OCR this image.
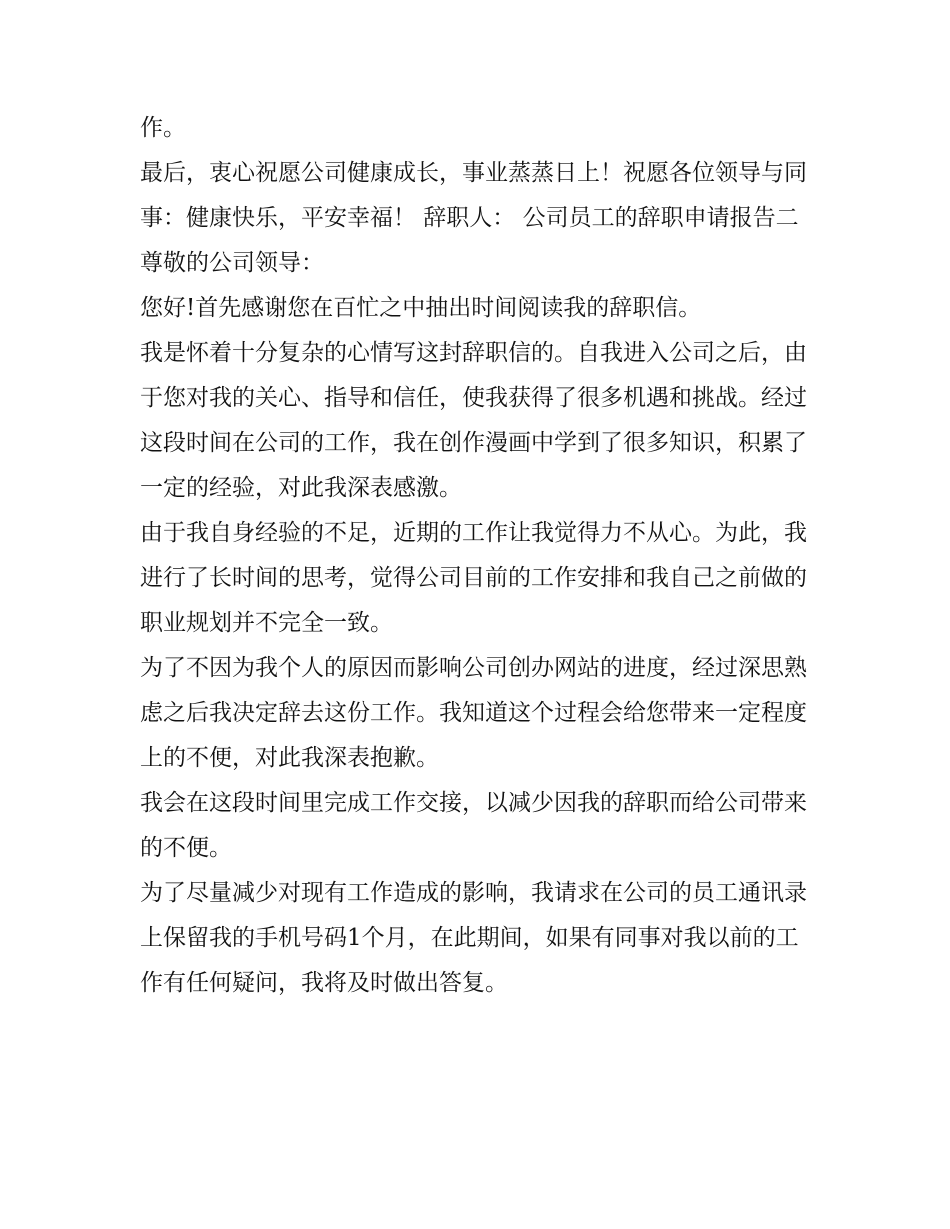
作。

最后，衷心祝愿公司健康成长，事业蒸蒸日上！祝愿各位领导与同事：健康快乐，平安幸福！ 辞职人： 公司员工的辞职申请报告二 尊敬的公司领导：

您好!首先感谢您在百忙之中抽出时间阅读我的辞职信。

我是怀着十分复杂的心情写这封辞职信的。自我进入公司之后，由于您对我的关心、指导和信任，使我获得了很多机遇和挑战。经过这段时间在公司的工作，我在创作漫画中学到了很多知识，积累了一定的经验，对此我深表感激。

由于我自身经验的不足，近期的工作让我觉得力不从心。为此，我进行了长时间的思考，觉得公司目前的工作安排和我自己之前做的职业规划并不完全一致。

为了不因为我个人的原因而影响公司创办网站的进度，经过深思熟虑之后我决定辞去这份工作。我知道这个过程会给您带来一定程度上的不便，对此我深表抱歉。

我会在这段时间里完成工作交接，以减少因我的辞职而给公司带来的不便。

为了尽量减少对现有工作造成的影响，我请求在公司的员工通讯录上保留我的手机号码1个月，在此期间，如果有同事对我以前的工作有任何疑问，我将及时做出答复。
